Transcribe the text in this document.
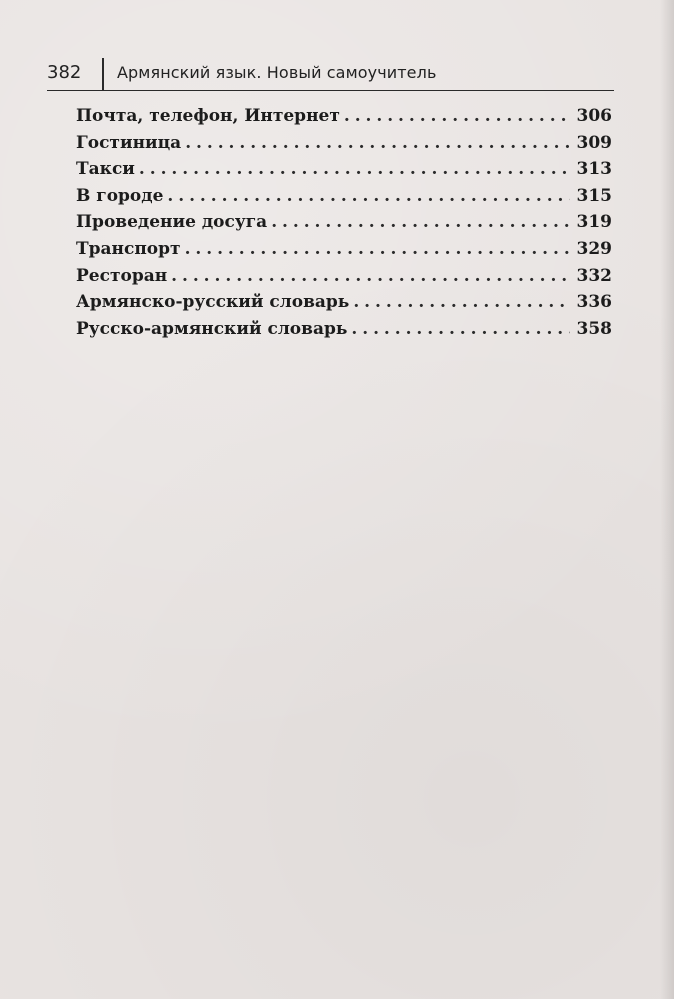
382 Армянский язык. Новый самоучитель
Почта, телефон, Интернет . . .	306
Гостиница . . .	309
Такси . . .	313
В городе . . .	315
Проведение досуга . . .	319
Транспорт . . .	329
Ресторан . . .	332
Армянско-русский словарь . . .	336
Русско-армянский словарь . . .	358
